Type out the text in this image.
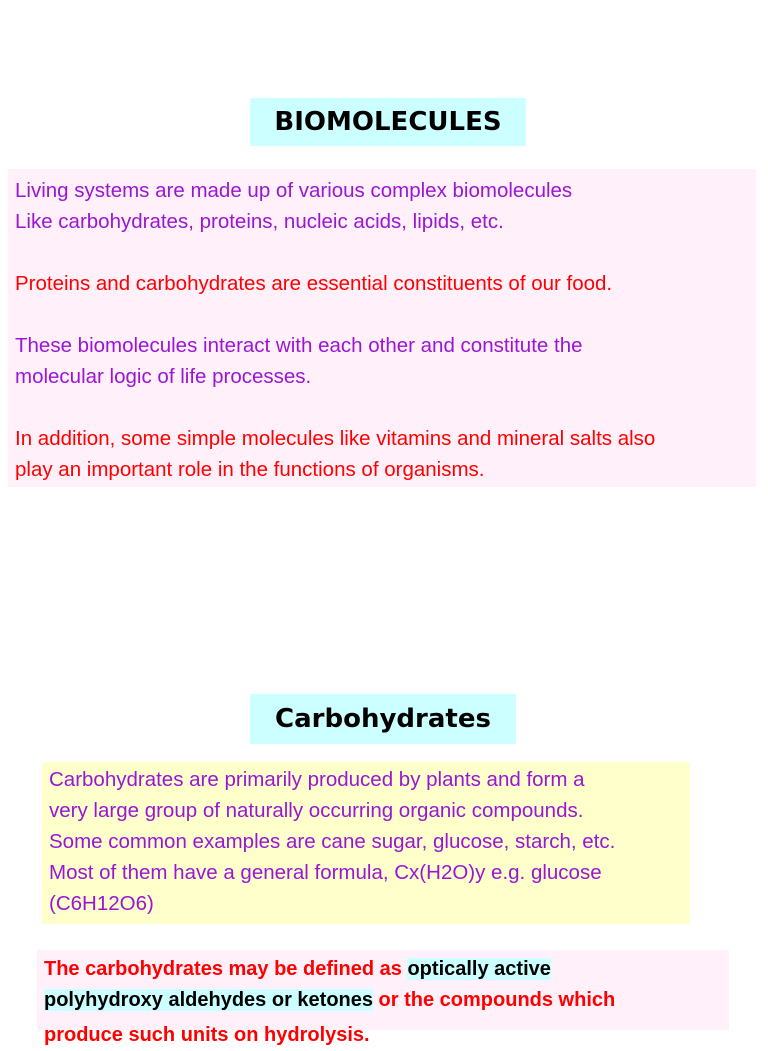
BIOMOLECULES
Living systems are made up of various complex biomolecules
Like carbohydrates, proteins, nucleic acids, lipids, etc.
Proteins and carbohydrates are essential constituents of our food.
These biomolecules interact with each other and constitute the
molecular logic of life processes.
In addition, some simple molecules like vitamins and mineral salts also
play an important role in the functions of organisms.
Carbohydrates
Carbohydrates are primarily produced by plants and form a
very large group of naturally occurring organic compounds.
Some common examples are cane sugar, glucose, starch, etc.
Most of them have a general formula, Cx(H2O)y e.g. glucose
(C6H12O6)
The carbohydrates may be defined as optically active
polyhydroxy aldehydes or ketones or the compounds which
produce such units on hydrolysis.
